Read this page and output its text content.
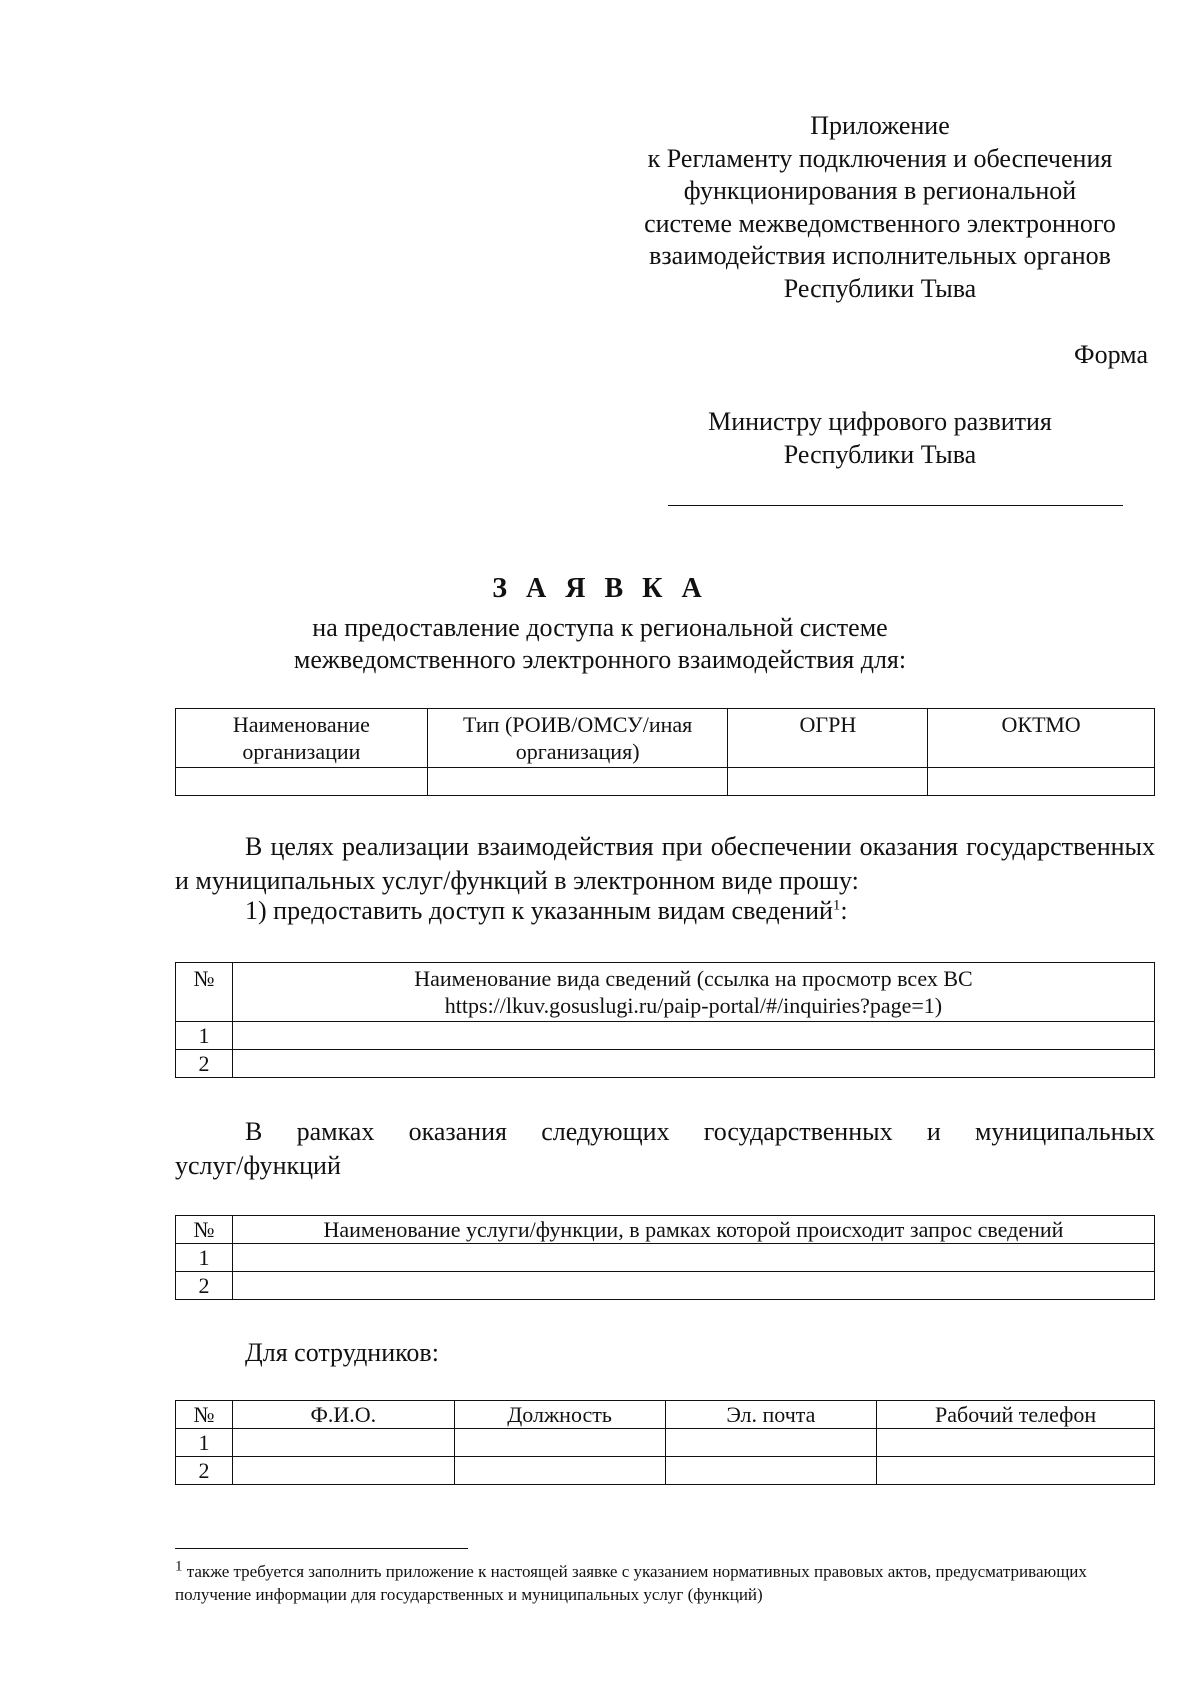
Приложение
к Регламенту подключения и обеспечения
функционирования в региональной
системе межведомственного электронного
взаимодействия исполнительных органов
Республики Тыва
Форма
Министру цифрового развития
Республики Тыва
З А Я В К А
на предоставление доступа к региональной системе
межведомственного электронного взаимодействия для:
Наименование организации	Тип (РОИВ/ОМСУ/иная организация)	ОГРН	ОКТМО

В целях реализации взаимодействия при обеспечении оказания государственных и муниципальных услуг/функций в электронном виде прошу:
1) предоставить доступ к указанным видам сведений$^1$:
№	Наименование вида сведений (ссылка на просмотр всех ВС
https://lkuv.gosuslugi.ru/paip-portal/#/inquiries?page=1)

1	
2	
В рамках оказания следующих государственных и муниципальных услуг/функций
№	Наименование услуги/функции, в рамках которой происходит запрос сведений
1	
2	
Для сотрудников:
№	Ф.И.О.	Должность	Эл. почта	Рабочий телефон
1				
2				
$^1$ также требуется заполнить приложение к настоящей заявке с указанием нормативных правовых актов, предусматривающих получение информации для государственных и муниципальных услуг (функций)
